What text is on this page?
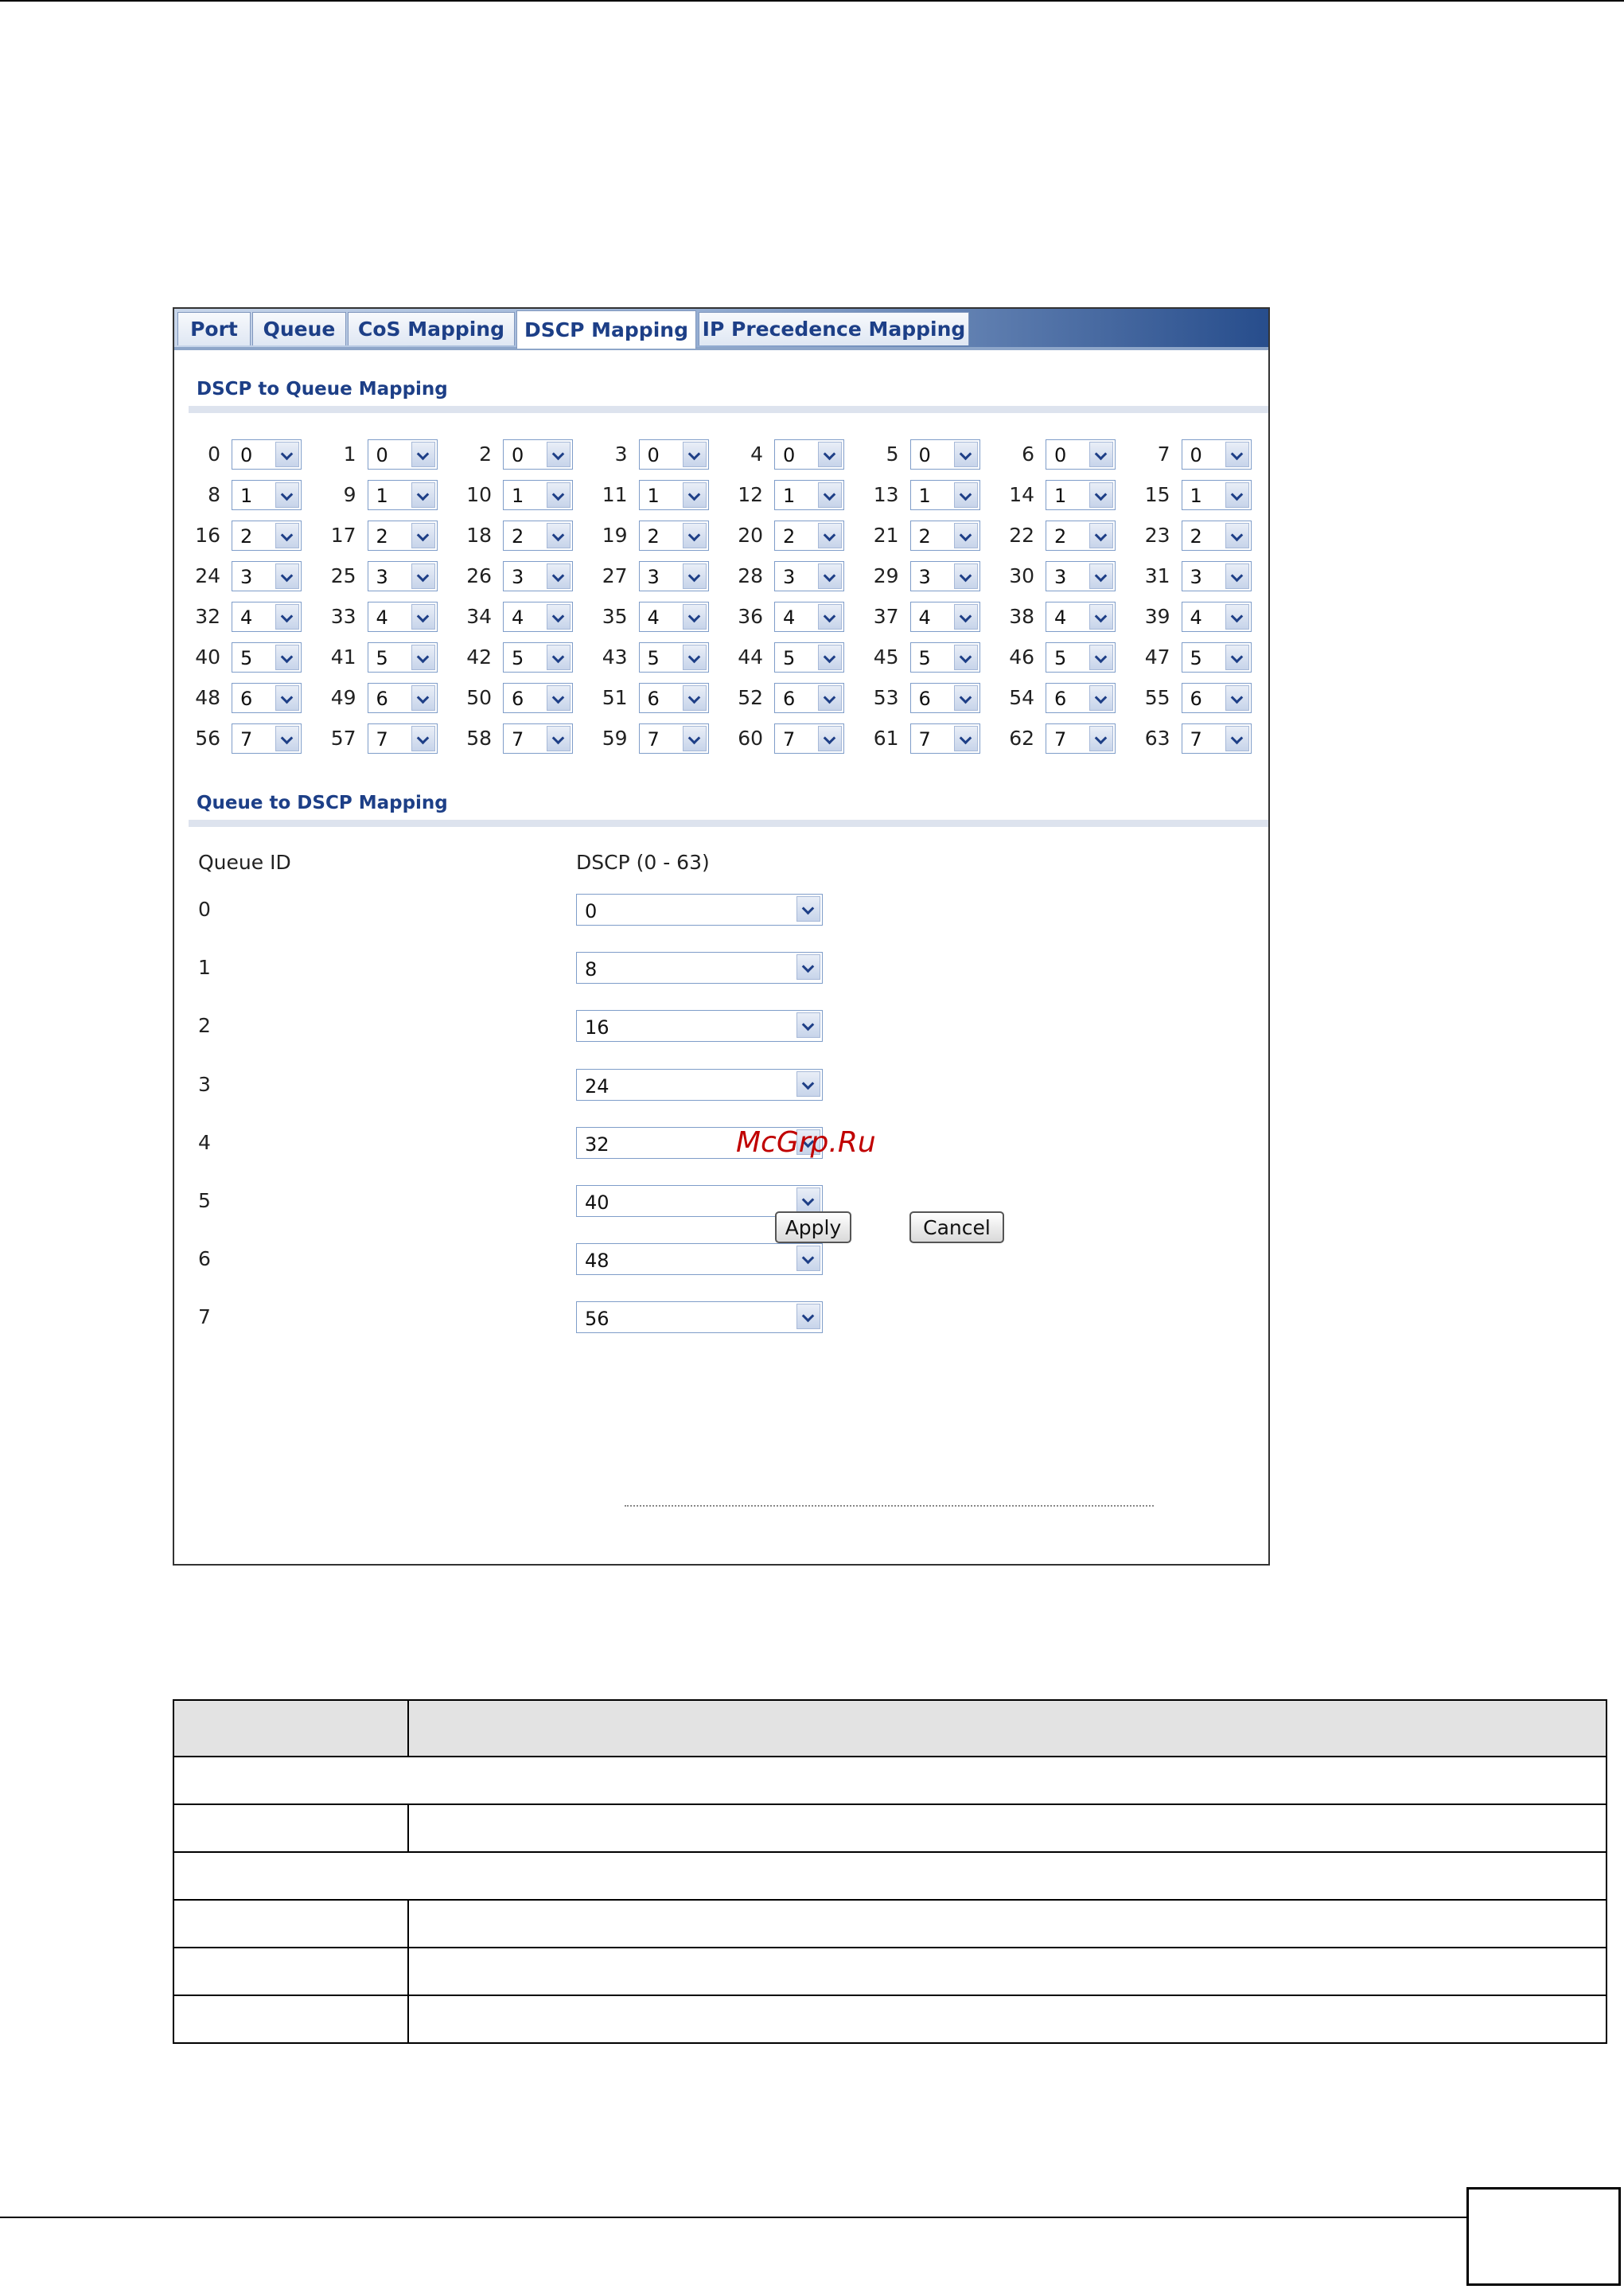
Port	Queue	CoS Mapping	DSCP Mapping IP Precedence Mapping
DSCP to Queue Mapping
0 0	1 0	2 0	3 0	4 0	5 0	6 0	7 0
8 1	9 1	10 1	11 1	12 1	13 1	14 1	15 1
16 2	17 2	18 2	19 2	20 2	21 2	22 2	23 2
24 3	25 3	26 3	27 3	28 3	29 3	30 3	31 3
32 4	33 4	34 4	35 4	36 4	37 4	38 4	39 4
40 5	41 5	42 5	43 5	44 5	45 5	46 5	47 5
48 6	49 6	50 6	51 6	52 6	53 6	54 6	55 6
56 7	57 7	58 7	59 7	60 7	61 7	62 7	63 7
Queue to DSCP Mapping
Queue ID	DSCP (0 - 63)
0	0
1	8
2	16
3	24
4	32
5	40
6	48
7	56
Apply	Cancel
McGrp.Ru
